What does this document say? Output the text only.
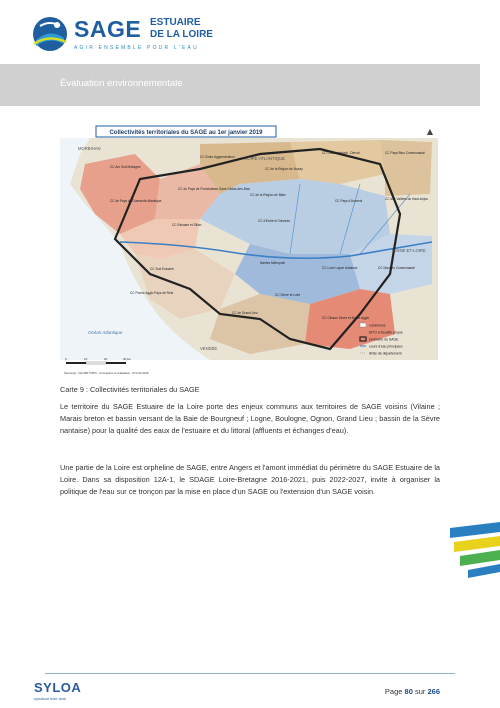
SAGE ESTUAIRE
DE LA LOIRE
AGIR ENSEMBLE POUR L'EAU
Évaluation environnementale
Collectivités territoriales du SAGE au 1er janvier 2019	▲
MORBIHAN
LOIRE-ATLANTIQUE
MAINE-ET-LOIRE
VENDÉE
Océan Atlantique
CC Arc Sud Bretagne
CC Erdre Agglomération
CC Châteaubriant - Derval	CC Pays Bleu Communauté
CC du Pays de Pontchâteau Saint-Gildas-des-Bois
CC de la Région de Nozay
CC de la Région de Blain
CC de Pays de Guérande Atlantique	CC Pays d'Ancenis	CC des Vallées du Haut-Anjou
CC Estuaire et Sillon
CC d'Erdre et Gesvres
CC Sud Estuaire
Nantes Métropole
CC Loire Layon Aubance	CC Mauges Communauté
CC Pornic Agglo Pays de Retz
CC de Grand Lieu
CC Sèvre et Loire
CC Clisson Sèvre et Maine Agglo
communes
EPCI à fiscalité propre
périmètre du SAGE
cours d'eau principaux
limite de département
0	10	20	30 km
Source(s) : IGN BD TOPO - Conception et réalisation : SYLOA 2019
Carte 9 : Collectivités territoriales du SAGE

Le territoire du SAGE Estuaire de la Loire porte des enjeux communs aux territoires de SAGE voisins (Vilaine ; Marais breton et bassin versant de la Baie de Bourgneuf ; Logne, Boulogne, Ognon, Grand Lieu ; bassin de la Sèvre nantaise) pour la qualité des eaux de l'estuaire et du littoral (affluents et échanges d'eau).

Une partie de la Loire est orpheline de SAGE, entre Angers et l'amont immédiat du périmètre du SAGE Estuaire de la Loire. Dans sa disposition 12A-1, le SDAGE Loire-Bretagne 2016-2021, puis 2022-2027, invite à organiser la politique de l'eau sur ce tronçon par la mise en place d'un SAGE ou l'extension d'un SAGE voisin.

SYLOA
syndicat loire aval
Page 80 sur 266
